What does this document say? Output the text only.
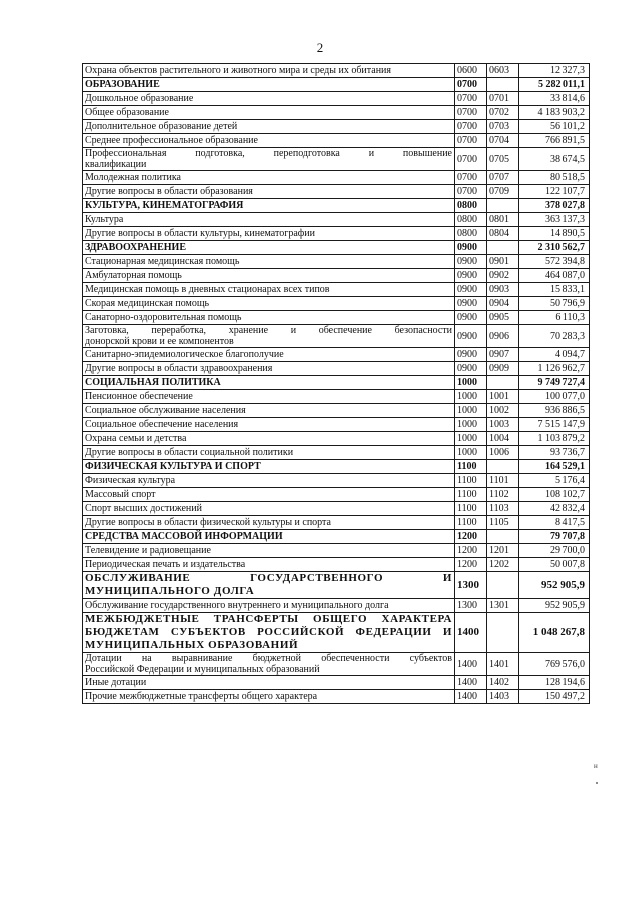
2
Охрана объектов растительного и животного мира и среды их обитания	0600	0603	12 327,3
ОБРАЗОВАНИЕ	0700		5 282 011,1
Дошкольное образование	0700	0701	33 814,6
Общее образование	0700	0702	4 183 903,2
Дополнительное образование детей	0700	0703	56 101,2
Среднее профессиональное образование	0700	0704	766 891,5

Профессиональная подготовка, переподготовка и повышение
квалификации	0700	0705	38 674,5
Молодежная политика	0700	0707	80 518,5
Другие вопросы в области образования	0700	0709	122 107,7
КУЛЬТУРА, КИНЕМАТОГРАФИЯ	0800		378 027,8
Культура	0800	0801	363 137,3
Другие вопросы в области культуры, кинематографии	0800	0804	14 890,5
ЗДРАВООХРАНЕНИЕ	0900		2 310 562,7
Стационарная медицинская помощь	0900	0901	572 394,8
Амбулаторная помощь	0900	0902	464 087,0
Медицинская помощь в дневных стационарах всех типов	0900	0903	15 833,1
Скорая медицинская помощь	0900	0904	50 796,9
Санаторно-оздоровительная помощь	0900	0905	6 110,3

Заготовка, переработка, хранение и обеспечение безопасности
донорской крови и ее компонентов	0900	0906	70 283,3
Санитарно-эпидемиологическое благополучие	0900	0907	4 094,7
Другие вопросы в области здравоохранения	0900	0909	1 126 962,7
СОЦИАЛЬНАЯ ПОЛИТИКА	1000		9 749 727,4
Пенсионное обеспечение	1000	1001	100 077,0
Социальное обслуживание населения	1000	1002	936 886,5
Социальное обеспечение населения	1000	1003	7 515 147,9
Охрана семьи и детства	1000	1004	1 103 879,2
Другие вопросы в области социальной политики	1000	1006	93 736,7
ФИЗИЧЕСКАЯ КУЛЬТУРА И СПОРТ	1100		164 529,1
Физическая культура	1100	1101	5 176,4
Массовый спорт	1100	1102	108 102,7
Спорт высших достижений	1100	1103	42 832,4
Другие вопросы в области физической культуры и спорта	1100	1105	8 417,5
СРЕДСТВА МАССОВОЙ ИНФОРМАЦИИ	1200		79 707,8
Телевидение и радиовещание	1200	1201	29 700,0
Периодическая печать и издательства	1200	1202	50 007,8

ОБСЛУЖИВАНИЕ ГОСУДАРСТВЕННОГО И
МУНИЦИПАЛЬНОГО ДОЛГА	1300		952 905,9
Обслуживание государственного внутреннего и муниципального долга	1300	1301	952 905,9

МЕЖБЮДЖЕТНЫЕ ТРАНСФЕРТЫ ОБЩЕГО ХАРАКТЕРА
БЮДЖЕТАМ СУБЪЕКТОВ РОССИЙСКОЙ ФЕДЕРАЦИИ И
МУНИЦИПАЛЬНЫХ ОБРАЗОВАНИЙ	1400		1 048 267,8

Дотации на выравнивание бюджетной обеспеченности субъектов
Российской Федерации и муниципальных образований	1400	1401	769 576,0
Иные дотации	1400	1402	128 194,6
Прочие межбюджетные трансферты общего характера	1400	1403	150 497,2
н
